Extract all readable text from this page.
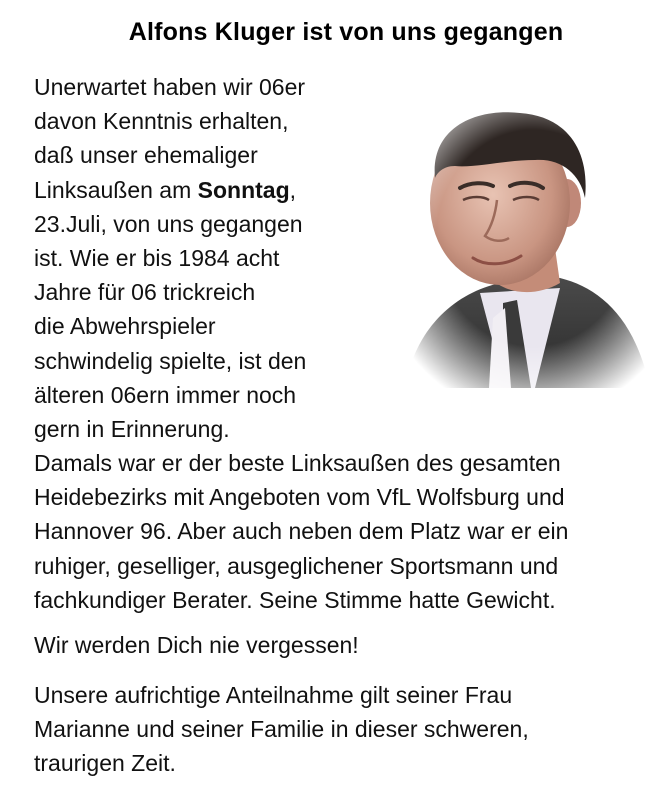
Alfons Kluger ist von uns gegangen
Unerwartet haben wir 06er
davon Kenntnis erhalten,
daß unser ehemaliger
Linksaußen am Sonntag,
23.Juli, von uns gegangen
ist. Wie er bis 1984 acht
Jahre für 06 trickreich
die Abwehrspieler
schwindelig spielte, ist den
älteren 06ern immer noch
gern in Erinnerung.
Damals war er der beste Linksaußen des gesamten
Heidebezirks mit Angeboten vom VfL Wolfsburg und
Hannover 96. Aber auch neben dem Platz war er ein
ruhiger, geselliger, ausgeglichener Sportsmann und
fachkundiger Berater. Seine Stimme hatte Gewicht.
Wir werden Dich nie vergessen!
Unsere aufrichtige Anteilnahme gilt seiner Frau
Marianne und seiner Familie in dieser schweren,
traurigen Zeit.
